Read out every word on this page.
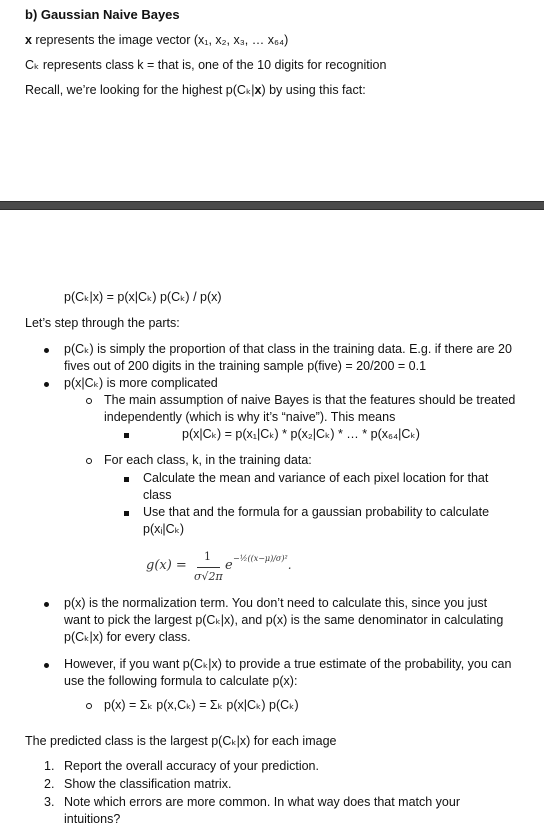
b) Gaussian Naive Bayes
x represents the image vector (x₁, x₂, x₃, … x₆₄)
Cₖ represents class k = that is, one of the 10 digits for recognition
Recall, we’re looking for the highest p(Cₖ|x) by using this fact:
p(Cₖ|x) = p(x|Cₖ) p(Cₖ) / p(x)
Let’s step through the parts:
p(Cₖ) is simply the proportion of that class in the training data. E.g. if there are 20
fives out of 200 digits in the training sample p(five) = 20/200 = 0.1
p(x|Cₖ) is more complicated
The main assumption of naive Bayes is that the features should be treated
independently (which is why it’s “naive”). This means
p(x|Cₖ) = p(x₁|Cₖ) * p(x₂|Cₖ) * … * p(x₆₄|Cₖ)
For each class, k, in the training data:
Calculate the mean and variance of each pixel location for that
class
Use that and the formula for a gaussian probability to calculate
p(xᵢ|Cₖ)
g(x) =
1
σ√2π
e −½((x−μ)/σ)².
p(x) is the normalization term. You don’t need to calculate this, since you just
want to pick the largest p(Cₖ|x), and p(x) is the same denominator in calculating
p(Cₖ|x) for every class.
However, if you want p(Cₖ|x) to provide a true estimate of the probability, you can
use the following formula to calculate p(x):
p(x) = Σₖ p(x,Cₖ) = Σₖ p(x|Cₖ) p(Cₖ)
The predicted class is the largest p(Cₖ|x) for each image
1. Report the overall accuracy of your prediction.
2. Show the classification matrix.
3. Note which errors are more common. In what way does that match your
intuitions?
